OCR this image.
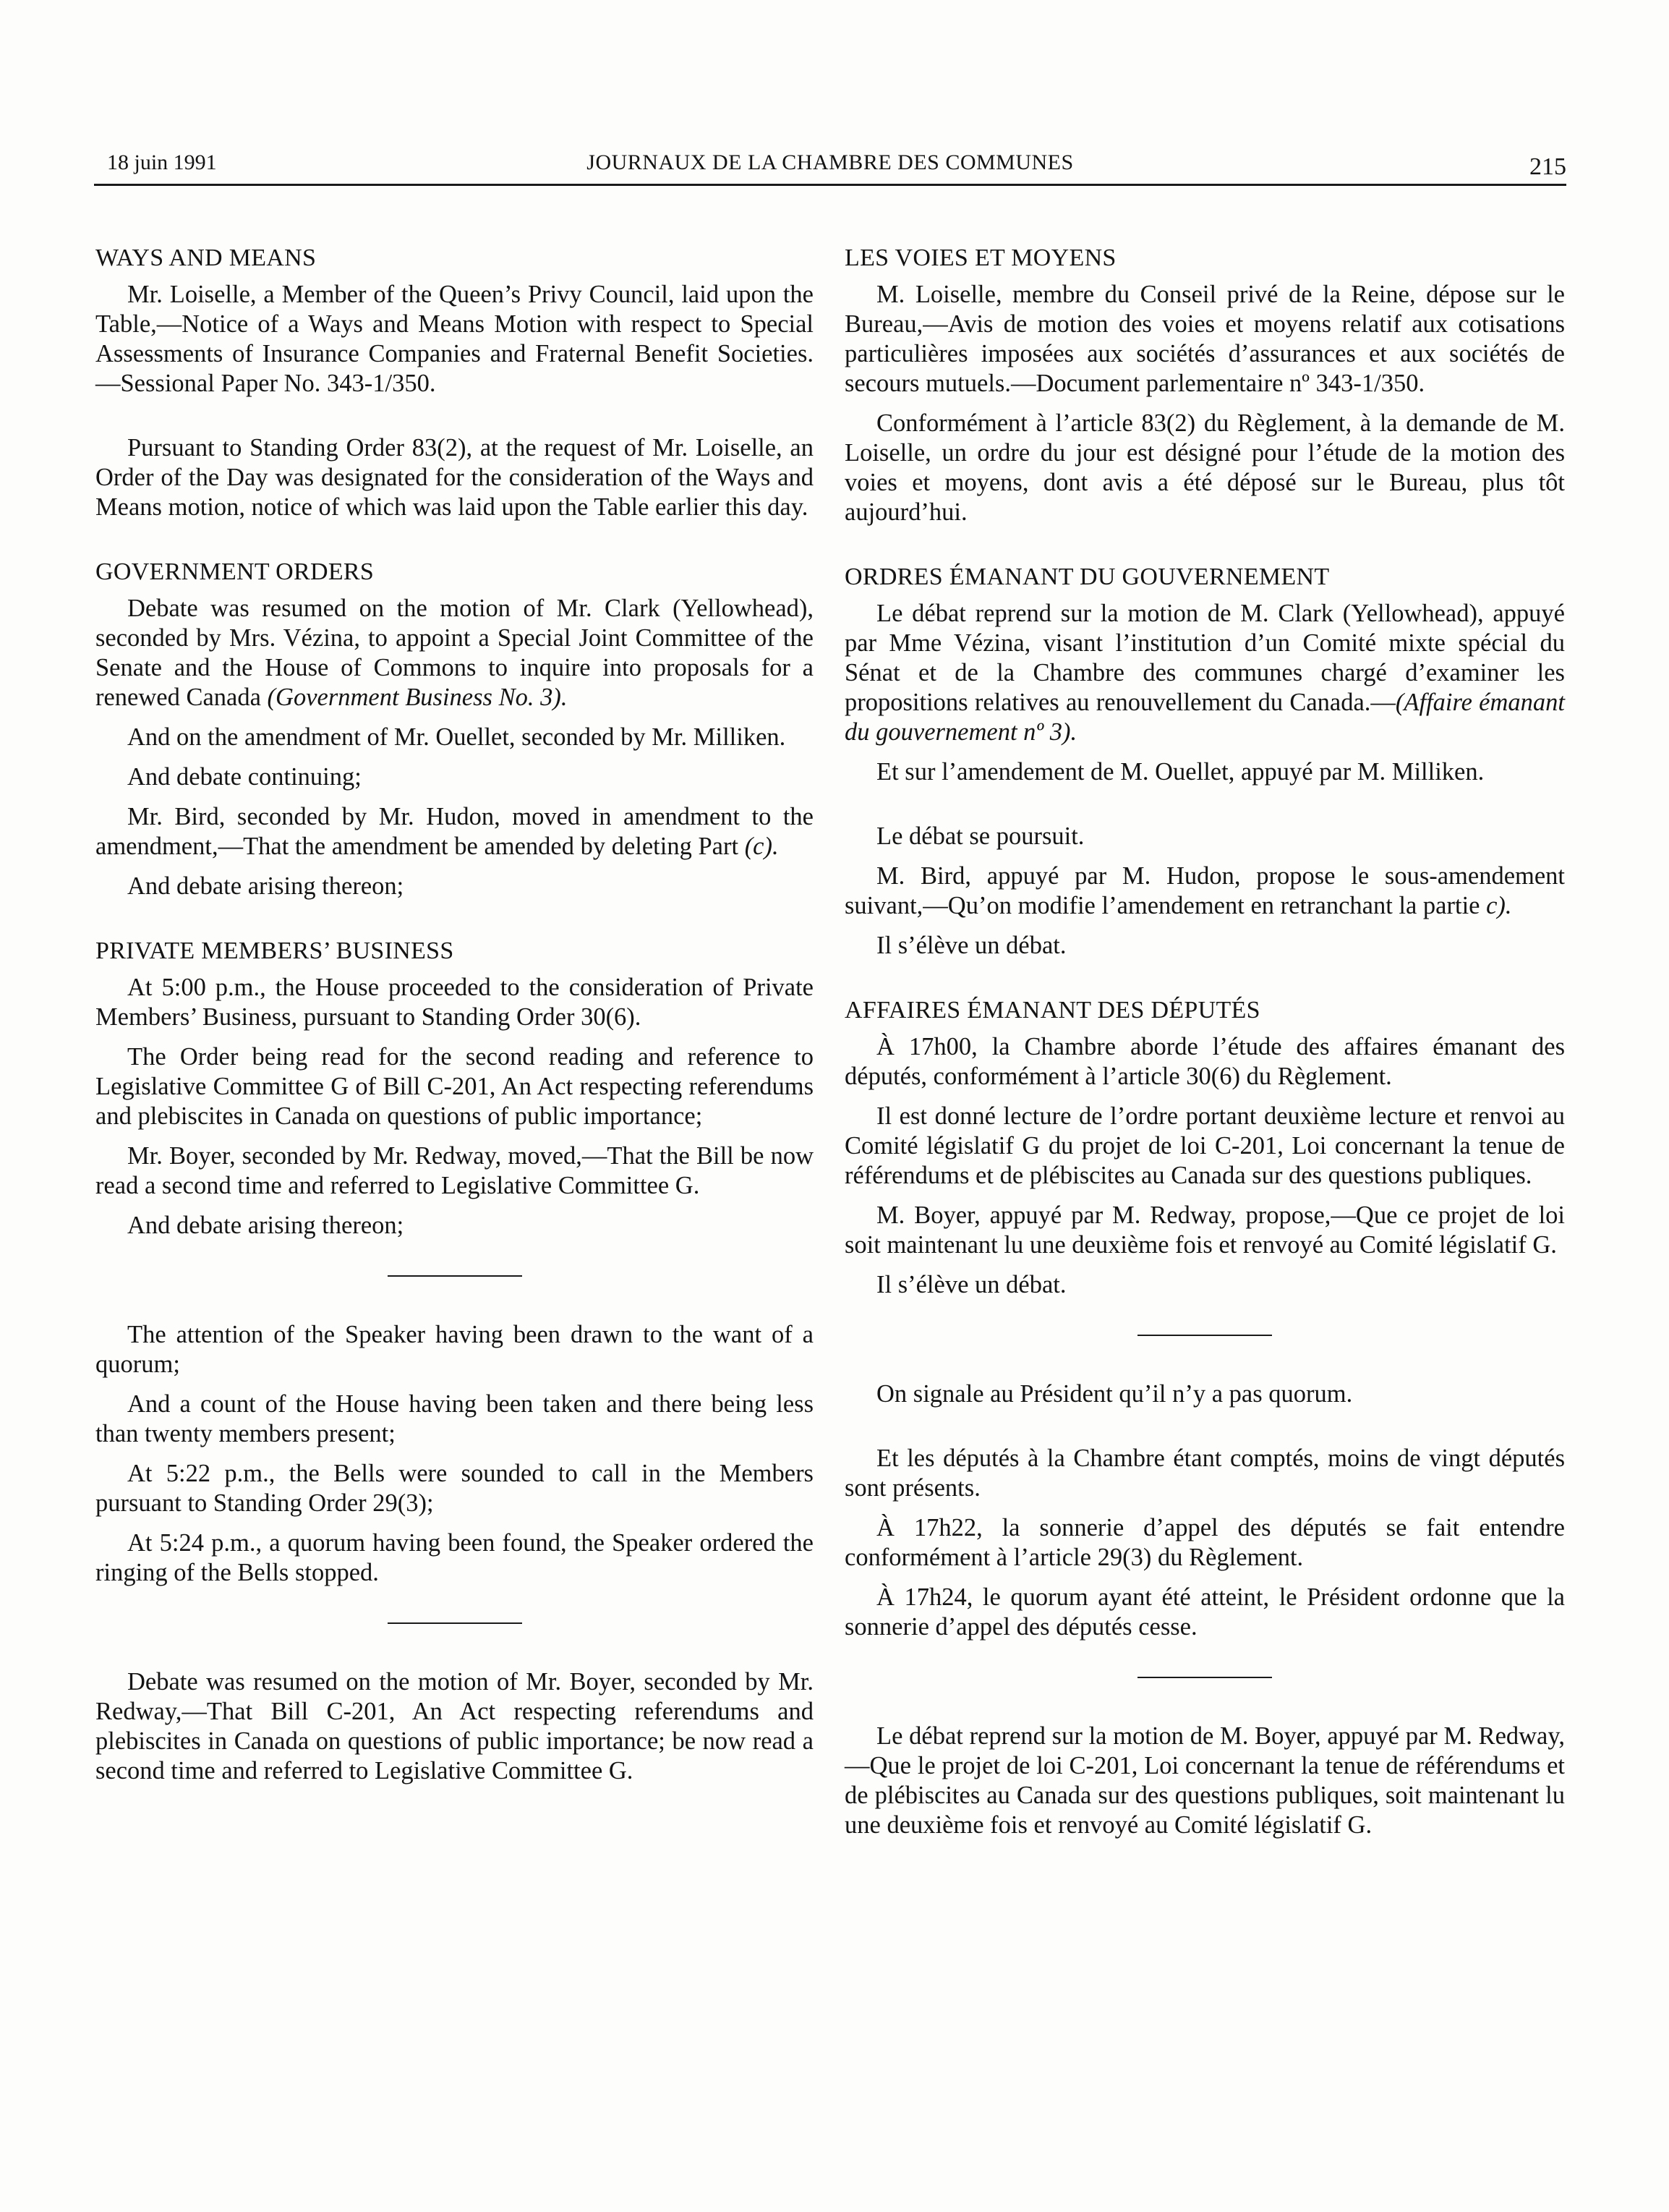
18 juin 1991	JOURNAUX DE LA CHAMBRE DES COMMUNES	215
WAYS AND MEANS

Mr. Loiselle, a Member of the Queen’s Privy Council, laid upon the Table,—Notice of a Ways and Means Motion with respect to Special Assessments of Insurance Companies and Fraternal Benefit Societies.—Sessional Paper No. 343-1/350.

Pursuant to Standing Order 83(2), at the request of Mr. Loiselle, an Order of the Day was designated for the consideration of the Ways and Means motion, notice of which was laid upon the Table earlier this day.

GOVERNMENT ORDERS

Debate was resumed on the motion of Mr. Clark (Yellowhead), seconded by Mrs. Vézina, to appoint a Special Joint Committee of the Senate and the House of Commons to inquire into proposals for a renewed Canada (Government Business No. 3).

And on the amendment of Mr. Ouellet, seconded by Mr. Milliken.

And debate continuing;

Mr. Bird, seconded by Mr. Hudon, moved in amendment to the amendment,—That the amendment be amended by deleting Part (c).

And debate arising thereon;

PRIVATE MEMBERS’ BUSINESS

At 5:00 p.m., the House proceeded to the consideration of Private Members’ Business, pursuant to Standing Order 30(6).

The Order being read for the second reading and reference to Legislative Committee G of Bill C-201, An Act respecting referendums and plebiscites in Canada on questions of public importance;

Mr. Boyer, seconded by Mr. Redway, moved,—That the Bill be now read a second time and referred to Legislative Committee G.

And debate arising thereon;

The attention of the Speaker having been drawn to the want of a quorum;

And a count of the House having been taken and there being less than twenty members present;

At 5:22 p.m., the Bells were sounded to call in the Members pursuant to Standing Order 29(3);

At 5:24 p.m., a quorum having been found, the Speaker ordered the ringing of the Bells stopped.

Debate was resumed on the motion of Mr. Boyer, seconded by Mr. Redway,—That Bill C-201, An Act respecting referendums and plebiscites in Canada on questions of public importance; be now read a second time and referred to Legislative Committee G.

LES VOIES ET MOYENS

M. Loiselle, membre du Conseil privé de la Reine, dépose sur le Bureau,—Avis de motion des voies et moyens relatif aux cotisations particulières imposées aux sociétés d’assurances et aux sociétés de secours mutuels.—Document parlementaire nº 343-1/350.

Conformément à l’article 83(2) du Règlement, à la demande de M. Loiselle, un ordre du jour est désigné pour l’étude de la motion des voies et moyens, dont avis a été déposé sur le Bureau, plus tôt aujourd’hui.

ORDRES ÉMANANT DU GOUVERNEMENT

Le débat reprend sur la motion de M. Clark (Yellowhead), appuyé par Mme Vézina, visant l’institution d’un Comité mixte spécial du Sénat et de la Chambre des communes chargé d’examiner les propositions relatives au renouvellement du Canada.—(Affaire émanant du gouvernement nº 3).

Et sur l’amendement de M. Ouellet, appuyé par M. Milliken.

Le débat se poursuit.

M. Bird, appuyé par M. Hudon, propose le sous-amendement suivant,—Qu’on modifie l’amendement en retranchant la partie c).

Il s’élève un débat.

AFFAIRES ÉMANANT DES DÉPUTÉS

À 17h00, la Chambre aborde l’étude des affaires émanant des députés, conformément à l’article 30(6) du Règlement.

Il est donné lecture de l’ordre portant deuxième lecture et renvoi au Comité législatif G du projet de loi C-201, Loi concernant la tenue de référendums et de plébiscites au Canada sur des questions publiques.

M. Boyer, appuyé par M. Redway, propose,—Que ce projet de loi soit maintenant lu une deuxième fois et renvoyé au Comité législatif G.

Il s’élève un débat.

On signale au Président qu’il n’y a pas quorum.

Et les députés à la Chambre étant comptés, moins de vingt députés sont présents.

À 17h22, la sonnerie d’appel des députés se fait entendre conformément à l’article 29(3) du Règlement.

À 17h24, le quorum ayant été atteint, le Président ordonne que la sonnerie d’appel des députés cesse.

Le débat reprend sur la motion de M. Boyer, appuyé par M. Redway,—Que le projet de loi C-201, Loi concernant la tenue de référendums et de plébiscites au Canada sur des questions publiques, soit maintenant lu une deuxième fois et renvoyé au Comité législatif G.
